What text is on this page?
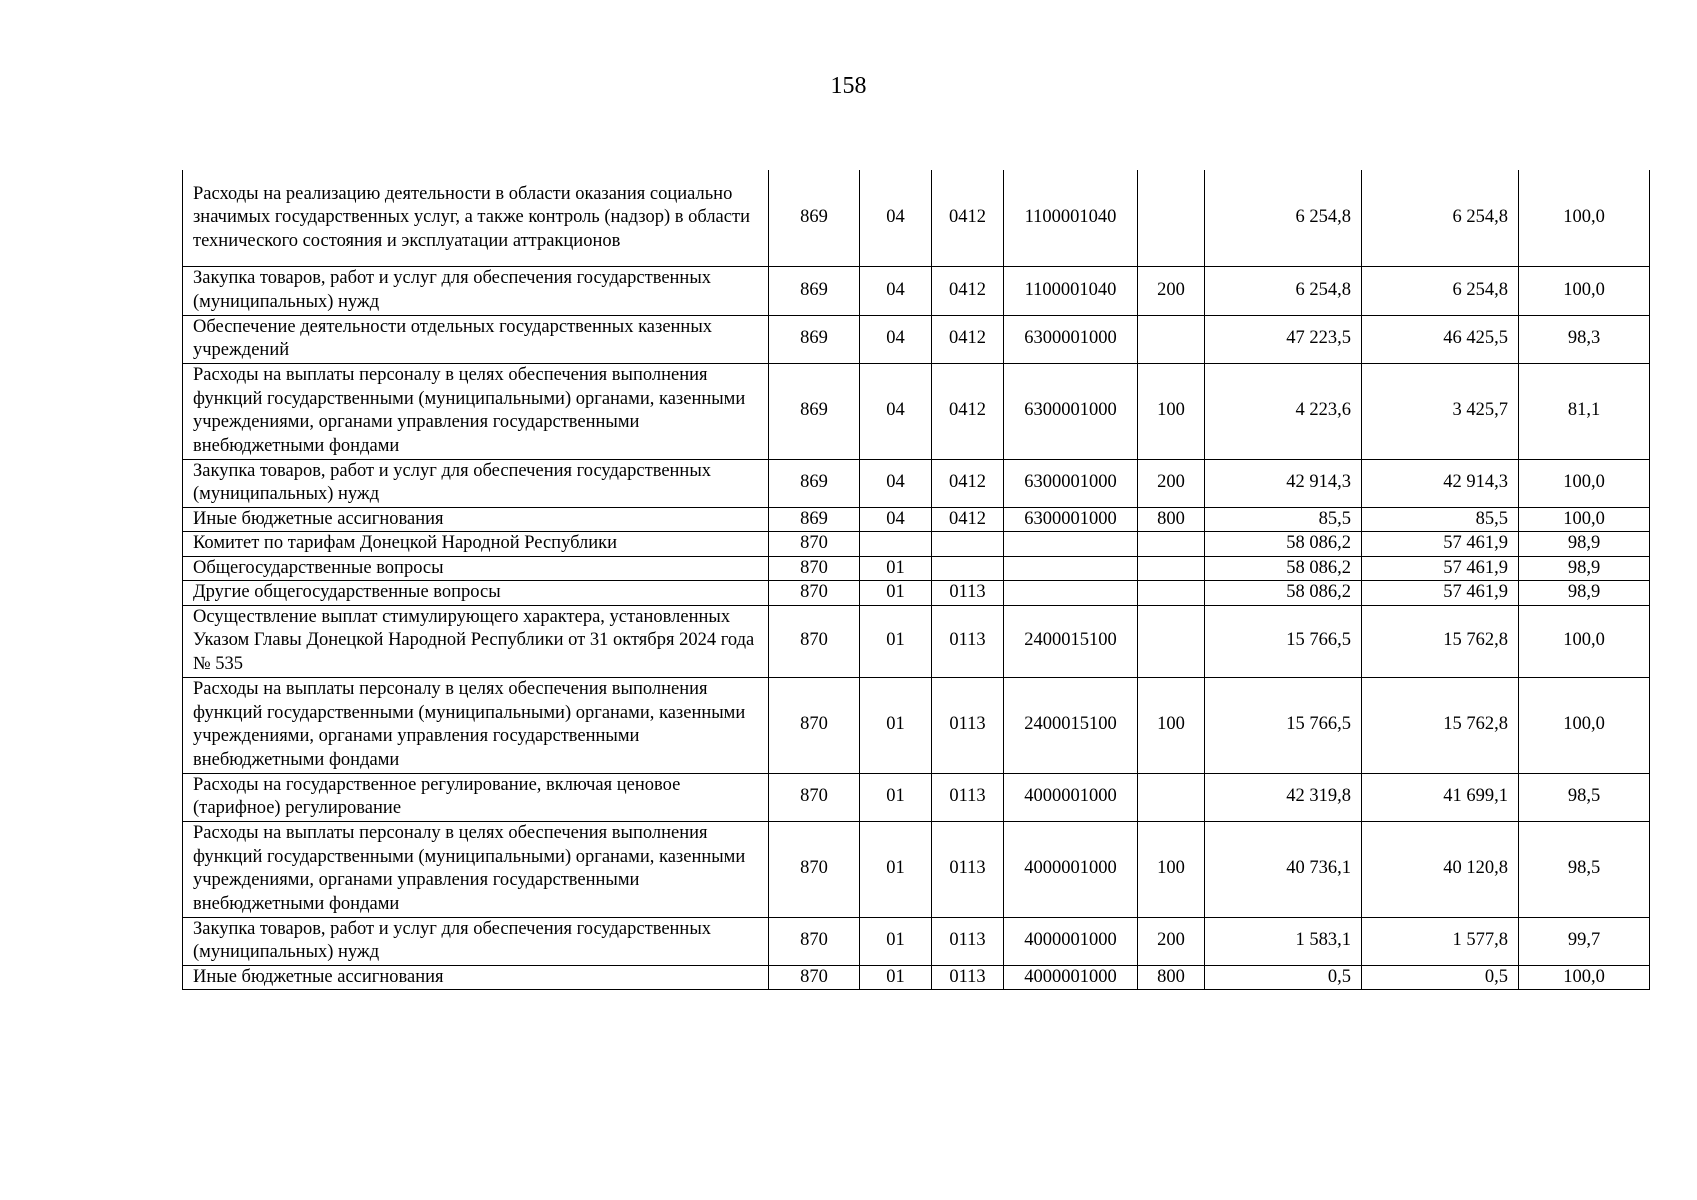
158
Расходы на реализацию деятельности в области оказания социально значимых государственных услуг, а также контроль (надзор) в области технического состояния и эксплуатации аттракционов	869	04	0412	1100001040		6 254,8	6 254,8	100,0
Закупка товаров, работ и услуг для обеспечения государственных (муниципальных) нужд	869	04	0412	1100001040	200	6 254,8	6 254,8	100,0
Обеспечение деятельности отдельных государственных казенных учреждений	869	04	0412	6300001000		47 223,5	46 425,5	98,3
Расходы на выплаты персоналу в целях обеспечения выполнения функций государственными (муниципальными) органами, казенными учреждениями, органами управления государственными внебюджетными фондами	869	04	0412	6300001000	100	4 223,6	3 425,7	81,1
Закупка товаров, работ и услуг для обеспечения государственных (муниципальных) нужд	869	04	0412	6300001000	200	42 914,3	42 914,3	100,0
Иные бюджетные ассигнования	869	04	0412	6300001000	800	85,5	85,5	100,0
Комитет по тарифам Донецкой Народной Республики	870					58 086,2	57 461,9	98,9
Общегосударственные вопросы	870	01				58 086,2	57 461,9	98,9
Другие общегосударственные вопросы	870	01	0113			58 086,2	57 461,9	98,9
Осуществление выплат стимулирующего характера, установленных Указом Главы Донецкой Народной Республики от 31 октября 2024 года № 535	870	01	0113	2400015100		15 766,5	15 762,8	100,0
Расходы на выплаты персоналу в целях обеспечения выполнения функций государственными (муниципальными) органами, казенными учреждениями, органами управления государственными внебюджетными фондами	870	01	0113	2400015100	100	15 766,5	15 762,8	100,0
Расходы на государственное регулирование, включая ценовое (тарифное) регулирование	870	01	0113	4000001000		42 319,8	41 699,1	98,5
Расходы на выплаты персоналу в целях обеспечения выполнения функций государственными (муниципальными) органами, казенными учреждениями, органами управления государственными внебюджетными фондами	870	01	0113	4000001000	100	40 736,1	40 120,8	98,5
Закупка товаров, работ и услуг для обеспечения государственных (муниципальных) нужд	870	01	0113	4000001000	200	1 583,1	1 577,8	99,7
Иные бюджетные ассигнования	870	01	0113	4000001000	800	0,5	0,5	100,0
